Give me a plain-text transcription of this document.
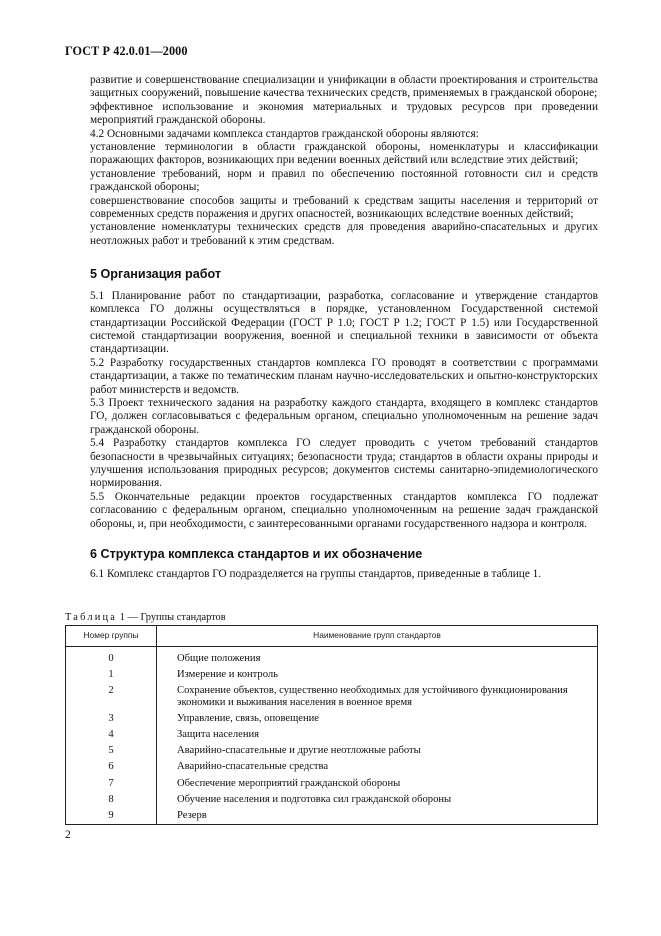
ГОСТ Р 42.0.01—2000

развитие и совершенствование специализации и унификации в области проектирования и строительства защитных сооружений, повышение качества технических средств, применяемых в гражданской обороне;

эффективное использование и экономия материальных и трудовых ресурсов при проведении мероприятий гражданской обороны.

4.2 Основными задачами комплекса стандартов гражданской обороны являются:

установление терминологии в области гражданской обороны, номенклатуры и классификации поражающих факторов, возникающих при ведении военных действий или вследствие этих действий;

установление требований, норм и правил по обеспечению постоянной готовности сил и средств гражданской обороны;

совершенствование способов защиты и требований к средствам защиты населения и территорий от современных средств поражения и других опасностей, возникающих вследствие военных действий;

установление номенклатуры технических средств для проведения аварийно-спасательных и других неотложных работ и требований к этим средствам.

5 Организация работ

5.1 Планирование работ по стандартизации, разработка, согласование и утверждение стандартов комплекса ГО должны осуществляться в порядке, установленном Государственной системой стандартизации Российской Федерации (ГОСТ Р 1.0; ГОСТ Р 1.2; ГОСТ Р 1.5) или Государственной системой стандартизации вооружения, военной и специальной техники в зависимости от объекта стандартизации.

5.2 Разработку государственных стандартов комплекса ГО проводят в соответствии с программами стандартизации, а также по тематическим планам научно-исследовательских и опытно-конструкторских работ министерств и ведомств.

5.3 Проект технического задания на разработку каждого стандарта, входящего в комплекс стандартов ГО, должен согласовываться с федеральным органом, специально уполномоченным на решение задач гражданской обороны.

5.4 Разработку стандартов комплекса ГО следует проводить с учетом требований стандартов безопасности в чрезвычайных ситуациях; безопасности труда; стандартов в области охраны природы и улучшения использования природных ресурсов; документов системы санитарно-эпидемиологического нормирования.

5.5 Окончательные редакции проектов государственных стандартов комплекса ГО подлежат согласованию с федеральным органом, специально уполномоченным на решение задач гражданской обороны, и, при необходимости, с заинтересованными органами государственного надзора и контроля.

6 Структура комплекса стандартов и их обозначение

6.1 Комплекс стандартов ГО подразделяется на группы стандартов, приведенные в таблице 1.

Таблица 1 — Группы стандартов
Номер группы	Наименование групп стандартов
0	Общие положения
1	Измерение и контроль
2	Сохранение объектов, существенно необходимых для устойчивого функционирования экономики и выживания населения в военное время
3	Управление, связь, оповещение
4	Защита населения
5	Аварийно-спасательные и другие неотложные работы
6	Аварийно-спасательные средства
7	Обеспечение мероприятий гражданской обороны
8	Обучение населения и подготовка сил гражданской обороны
9	Резерв
2
